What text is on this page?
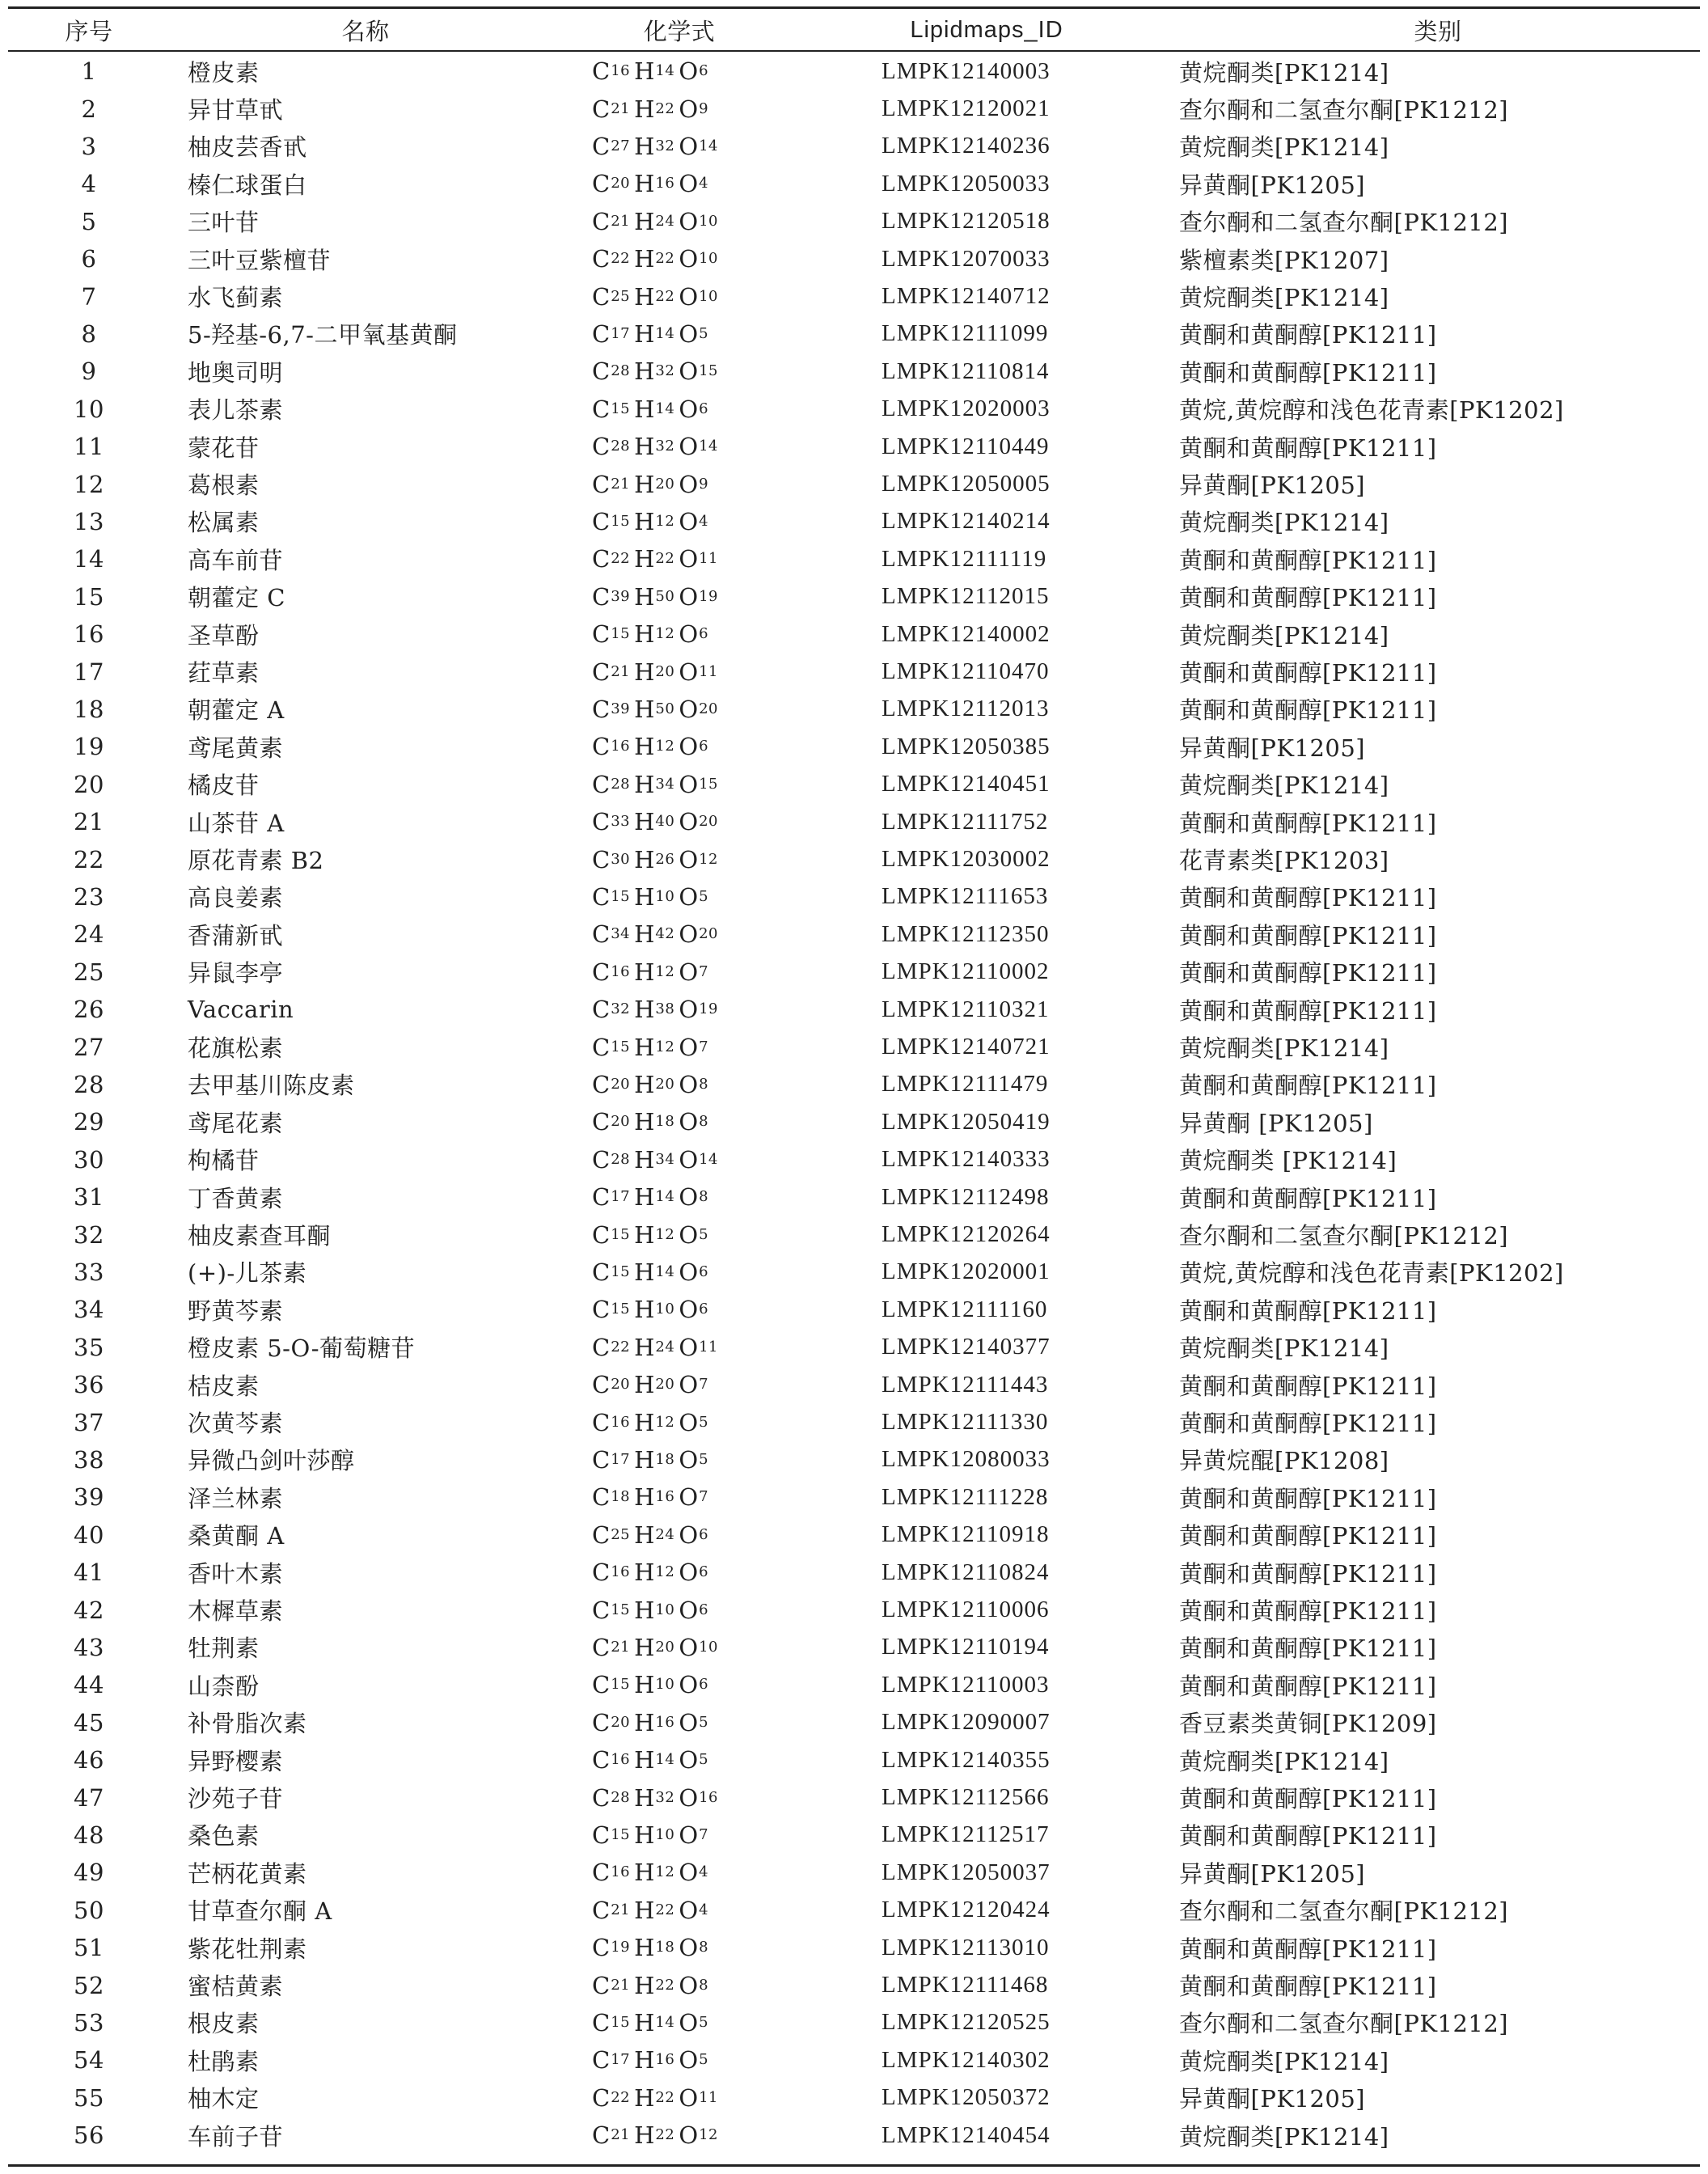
序号	名称	化学式	Lipidmaps_ID	类别
1	橙皮素	C 16 H 14 O 6	LMPK12140003	黄烷酮类[PK1214]
2	异甘草甙	C 21 H 22 O 9	LMPK12120021	查尔酮和二氢查尔酮[PK1212]
3	柚皮芸香甙	C 27 H 32 O 14	LMPK12140236	黄烷酮类[PK1214]
4	榛仁球蛋白	C 20 H 16 O 4	LMPK12050033	异黄酮[PK1205]
5	三叶苷	C 21 H 24 O 10	LMPK12120518	查尔酮和二氢查尔酮[PK1212]
6	三叶豆紫檀苷	C 22 H 22 O 10	LMPK12070033	紫檀素类[PK1207]
7	水飞蓟素	C 25 H 22 O 10	LMPK12140712	黄烷酮类[PK1214]
8	5-羟基-6,7-二甲氧基黄酮	C 17 H 14 O 5	LMPK12111099	黄酮和黄酮醇[PK1211]
9	地奥司明	C 28 H 32 O 15	LMPK12110814	黄酮和黄酮醇[PK1211]
10	表儿茶素	C 15 H 14 O 6	LMPK12020003	黄烷,黄烷醇和浅色花青素[PK1202]
11	蒙花苷	C 28 H 32 O 14	LMPK12110449	黄酮和黄酮醇[PK1211]
12	葛根素	C 21 H 20 O 9	LMPK12050005	异黄酮[PK1205]
13	松属素	C 15 H 12 O 4	LMPK12140214	黄烷酮类[PK1214]
14	高车前苷	C 22 H 22 O 11	LMPK12111119	黄酮和黄酮醇[PK1211]
15	朝藿定 C	C 39 H 50 O 19	LMPK12112015	黄酮和黄酮醇[PK1211]
16	圣草酚	C 15 H 12 O 6	LMPK12140002	黄烷酮类[PK1214]
17	荭草素	C 21 H 20 O 11	LMPK12110470	黄酮和黄酮醇[PK1211]
18	朝藿定 A	C 39 H 50 O 20	LMPK12112013	黄酮和黄酮醇[PK1211]
19	鸢尾黄素	C 16 H 12 O 6	LMPK12050385	异黄酮[PK1205]
20	橘皮苷	C 28 H 34 O 15	LMPK12140451	黄烷酮类[PK1214]
21	山茶苷 A	C 33 H 40 O 20	LMPK12111752	黄酮和黄酮醇[PK1211]
22	原花青素 B2	C 30 H 26 O 12	LMPK12030002	花青素类[PK1203]
23	高良姜素	C 15 H 10 O 5	LMPK12111653	黄酮和黄酮醇[PK1211]
24	香蒲新甙	C 34 H 42 O 20	LMPK12112350	黄酮和黄酮醇[PK1211]
25	异鼠李亭	C 16 H 12 O 7	LMPK12110002	黄酮和黄酮醇[PK1211]
26	Vaccarin	C 32 H 38 O 19	LMPK12110321	黄酮和黄酮醇[PK1211]
27	花旗松素	C 15 H 12 O 7	LMPK12140721	黄烷酮类[PK1214]
28	去甲基川陈皮素	C 20 H 20 O 8	LMPK12111479	黄酮和黄酮醇[PK1211]
29	鸢尾花素	C 20 H 18 O 8	LMPK12050419	异黄酮 [PK1205]
30	枸橘苷	C 28 H 34 O 14	LMPK12140333	黄烷酮类 [PK1214]
31	丁香黄素	C 17 H 14 O 8	LMPK12112498	黄酮和黄酮醇[PK1211]
32	柚皮素查耳酮	C 15 H 12 O 5	LMPK12120264	查尔酮和二氢查尔酮[PK1212]
33	(+)-儿茶素	C 15 H 14 O 6	LMPK12020001	黄烷,黄烷醇和浅色花青素[PK1202]
34	野黄芩素	C 15 H 10 O 6	LMPK12111160	黄酮和黄酮醇[PK1211]
35	橙皮素 5-O-葡萄糖苷	C 22 H 24 O 11	LMPK12140377	黄烷酮类[PK1214]
36	桔皮素	C 20 H 20 O 7	LMPK12111443	黄酮和黄酮醇[PK1211]
37	次黄芩素	C 16 H 12 O 5	LMPK12111330	黄酮和黄酮醇[PK1211]
38	异微凸剑叶莎醇	C 17 H 18 O 5	LMPK12080033	异黄烷醌[PK1208]
39	泽兰林素	C 18 H 16 O 7	LMPK12111228	黄酮和黄酮醇[PK1211]
40	桑黄酮 A	C 25 H 24 O 6	LMPK12110918	黄酮和黄酮醇[PK1211]
41	香叶木素	C 16 H 12 O 6	LMPK12110824	黄酮和黄酮醇[PK1211]
42	木樨草素	C 15 H 10 O 6	LMPK12110006	黄酮和黄酮醇[PK1211]
43	牡荆素	C 21 H 20 O 10	LMPK12110194	黄酮和黄酮醇[PK1211]
44	山柰酚	C 15 H 10 O 6	LMPK12110003	黄酮和黄酮醇[PK1211]
45	补骨脂次素	C 20 H 16 O 5	LMPK12090007	香豆素类黄铜[PK1209]
46	异野樱素	C 16 H 14 O 5	LMPK12140355	黄烷酮类[PK1214]
47	沙苑子苷	C 28 H 32 O 16	LMPK12112566	黄酮和黄酮醇[PK1211]
48	桑色素	C 15 H 10 O 7	LMPK12112517	黄酮和黄酮醇[PK1211]
49	芒柄花黄素	C 16 H 12 O 4	LMPK12050037	异黄酮[PK1205]
50	甘草查尔酮 A	C 21 H 22 O 4	LMPK12120424	查尔酮和二氢查尔酮[PK1212]
51	紫花牡荆素	C 19 H 18 O 8	LMPK12113010	黄酮和黄酮醇[PK1211]
52	蜜桔黄素	C 21 H 22 O 8	LMPK12111468	黄酮和黄酮醇[PK1211]
53	根皮素	C 15 H 14 O 5	LMPK12120525	查尔酮和二氢查尔酮[PK1212]
54	杜鹃素	C 17 H 16 O 5	LMPK12140302	黄烷酮类[PK1214]
55	柚木定	C 22 H 22 O 11	LMPK12050372	异黄酮[PK1205]
56	车前子苷	C 21 H 22 O 12	LMPK12140454	黄烷酮类[PK1214]
